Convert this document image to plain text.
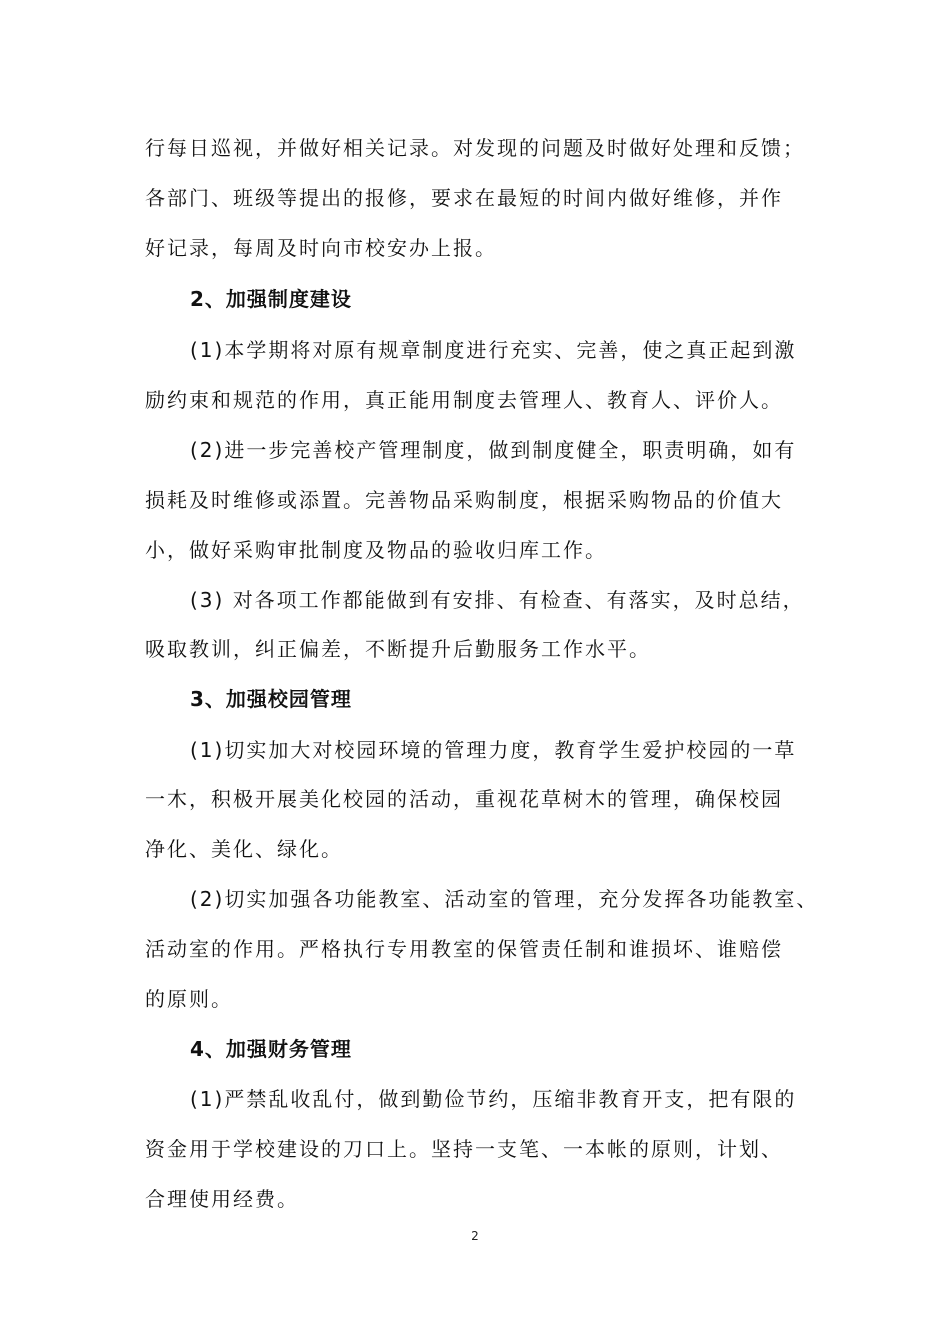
行每日巡视，并做好相关记录。对发现的问题及时做好处理和反馈；
各部门、班级等提出的报修，要求在最短的时间内做好维修，并作
好记录，每周及时向市校安办上报。
2、加强制度建设
(1)本学期将对原有规章制度进行充实、完善，使之真正起到激
励约束和规范的作用，真正能用制度去管理人、教育人、评价人。
(2)进一步完善校产管理制度，做到制度健全，职责明确，如有
损耗及时维修或添置。完善物品采购制度，根据采购物品的价值大
小，做好采购审批制度及物品的验收归库工作。
(3) 对各项工作都能做到有安排、有检查、有落实，及时总结，
吸取教训，纠正偏差，不断提升后勤服务工作水平。
3、加强校园管理
(1)切实加大对校园环境的管理力度，教育学生爱护校园的一草
一木，积极开展美化校园的活动，重视花草树木的管理，确保校园
净化、美化、绿化。
(2)切实加强各功能教室、活动室的管理，充分发挥各功能教室、
活动室的作用。严格执行专用教室的保管责任制和谁损坏、谁赔偿
的原则。
4、加强财务管理
(1)严禁乱收乱付，做到勤俭节约，压缩非教育开支，把有限的
资金用于学校建设的刀口上。坚持一支笔、一本帐的原则，计划、
合理使用经费。
2
